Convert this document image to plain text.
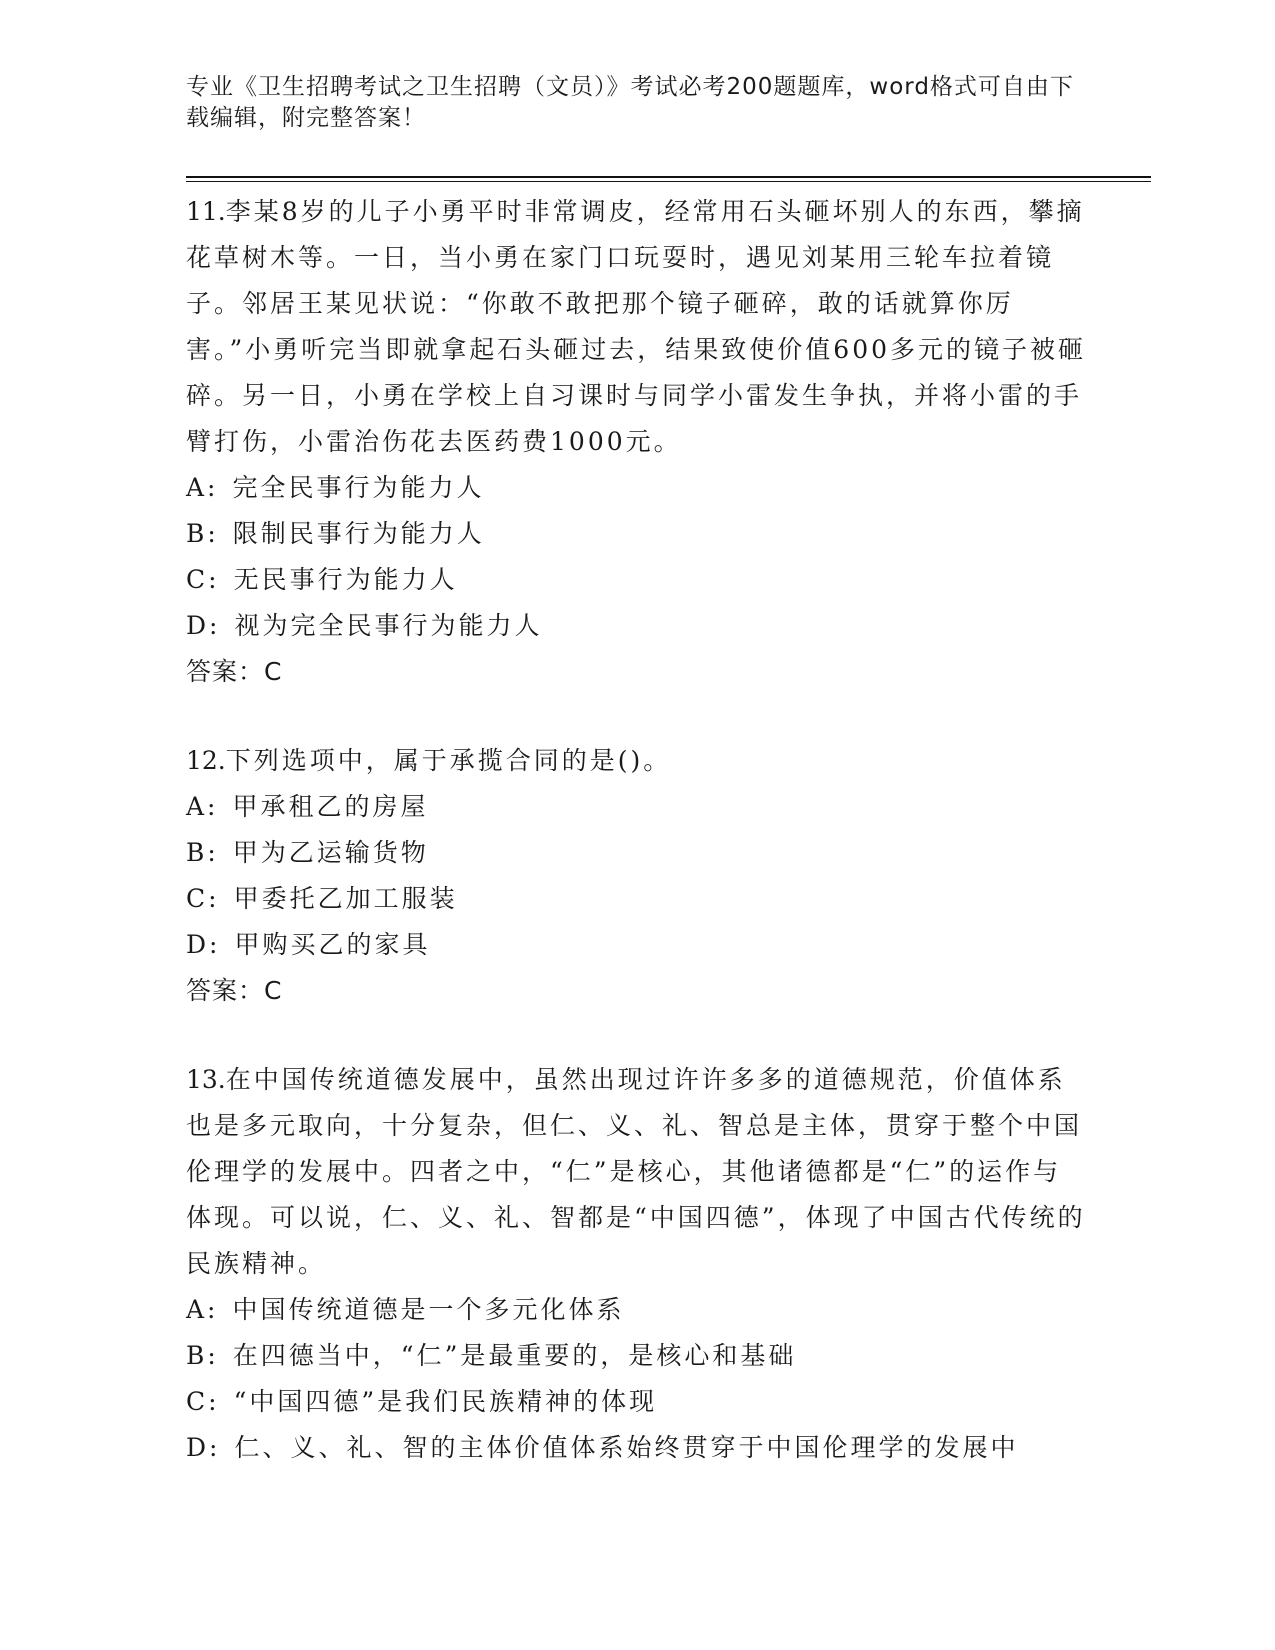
专业《卫生招聘考试之卫生招聘（文员）》考试必考200题题库，word格式可自由下载编辑，附完整答案！
11.李某8岁的儿子小勇平时非常调皮，经常用石头砸坏别人的东西，攀摘花草树木等。一日，当小勇在家门口玩耍时，遇见刘某用三轮车拉着镜子。邻居王某见状说：“你敢不敢把那个镜子砸碎，敢的话就算你厉害。”小勇听完当即就拿起石头砸过去，结果致使价值600多元的镜子被砸碎。另一日，小勇在学校上自习课时与同学小雷发生争执，并将小雷的手臂打伤，小雷治伤花去医药费1000元。
A: 完全民事行为能力人
B: 限制民事行为能力人
C: 无民事行为能力人
D: 视为完全民事行为能力人
答案：C
12.下列选项中，属于承揽合同的是()。
A: 甲承租乙的房屋
B: 甲为乙运输货物
C: 甲委托乙加工服装
D: 甲购买乙的家具
答案：C
13.在中国传统道德发展中，虽然出现过许许多多的道德规范，价值体系也是多元取向，十分复杂，但仁、义、礼、智总是主体，贯穿于整个中国伦理学的发展中。四者之中，“仁”是核心，其他诸德都是“仁”的运作与体现。可以说，仁、义、礼、智都是“中国四德”，体现了中国古代传统的民族精神。
A: 中国传统道德是一个多元化体系
B: 在四德当中，“仁”是最重要的，是核心和基础
C: “中国四德”是我们民族精神的体现
D: 仁、义、礼、智的主体价值体系始终贯穿于中国伦理学的发展中
